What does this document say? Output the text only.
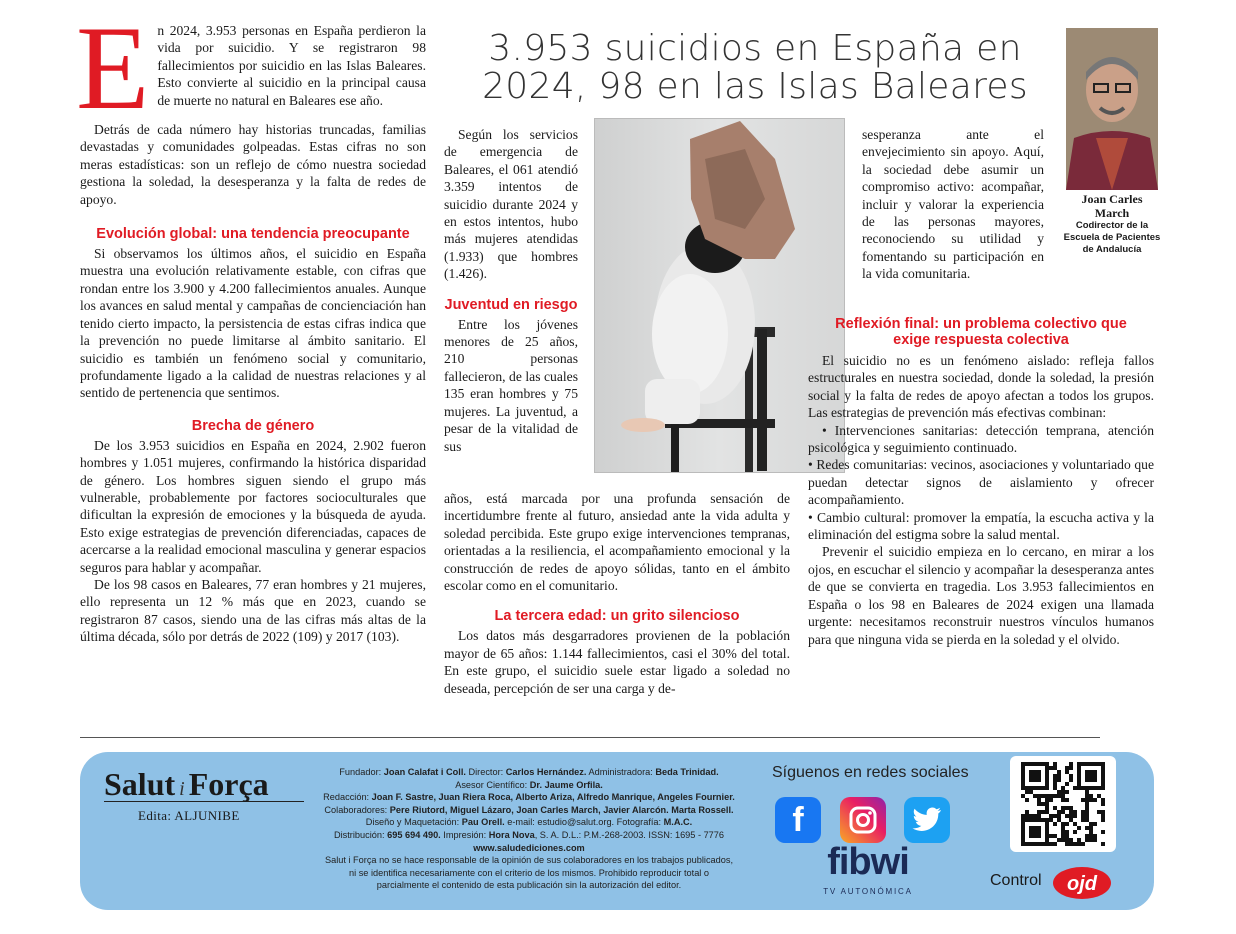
3.953 suicidios en España en 2024, 98 en las Islas Baleares
E n 2024, 3.953 personas en España perdieron la vida por suicidio. Y se registraron 98 fallecimientos por suicidio en las Islas Baleares. Esto convierte al suicidio en la principal causa de muerte no natural en Baleares ese año.

Detrás de cada número hay historias truncadas, familias devastadas y comunidades golpeadas. Estas cifras no son meras estadísticas: son un reflejo de cómo nuestra sociedad gestiona la soledad, la desesperanza y la falta de redes de apoyo.

Evolución global: una tendencia preocupante

Si observamos los últimos años, el suicidio en España muestra una evolución relativamente estable, con cifras que rondan entre los 3.900 y 4.200 fallecimientos anuales. Aunque los avances en salud mental y campañas de concienciación han tenido cierto impacto, la persistencia de estas cifras indica que la prevención no puede limitarse al ámbito sanitario. El suicidio es también un fenómeno social y comunitario, profundamente ligado a la calidad de nuestras relaciones y al sentido de pertenencia que sentimos.

Brecha de género

De los 3.953 suicidios en España en 2024, 2.902 fueron hombres y 1.051 mujeres, confirmando la histórica disparidad de género. Los hombres siguen siendo el grupo más vulnerable, probablemente por factores socioculturales que dificultan la expresión de emociones y la búsqueda de ayuda. Esto exige estrategias de prevención diferenciadas, capaces de acercarse a la realidad emocional masculina y generar espacios seguros para hablar y acompañar.

De los 98 casos en Baleares, 77 eran hombres y 21 mujeres, ello representa un 12 % más que en 2023, cuando se registraron 87 casos, siendo una de las cifras más altas de la última década, sólo por detrás de 2022 (109) y 2017 (103).

Según los servicios de emergencia de Baleares, el 061 atendió 3.359 intentos de suicidio durante 2024 y en estos intentos, hubo más mujeres atendidas (1.933) que hombres (1.426).

Juventud en riesgo

Entre los jóvenes menores de 25 años, 210 personas fallecieron, de las cuales 135 eran hombres y 75 mujeres. La juventud, a pesar de la vitalidad de sus

años, está marcada por una profunda sensación de incertidumbre frente al futuro, ansiedad ante la vida adulta y soledad percibida. Este grupo exige intervenciones tempranas, orientadas a la resiliencia, el acompañamiento emocional y la construcción de redes de apoyo sólidas, tanto en el ámbito escolar como en el comunitario.

La tercera edad: un grito silencioso

Los datos más desgarradores provienen de la población mayor de 65 años: 1.144 fallecimientos, casi el 30% del total. En este grupo, el suicidio suele estar ligado a soledad no deseada, percepción de ser una carga y de-

sesperanza ante el envejecimiento sin apoyo. Aquí, la sociedad debe asumir un compromiso activo: acompañar, incluir y valorar la experiencia de las personas mayores, reconociendo su utilidad y fomentando su participación en la vida comunitaria.

Joan Carles
March
Codirector de la
Escuela de Pacientes
de Andalucía
Reflexión final: un problema colectivo que exige respuesta colectiva

El suicidio no es un fenómeno aislado: refleja fallos estructurales en nuestra sociedad, donde la soledad, la presión social y la falta de redes de apoyo afectan a todos los grupos. Las estrategias de prevención más efectivas combinan:

• Intervenciones sanitarias: detección temprana, atención psicológica y seguimiento continuado.

• Redes comunitarias: vecinos, asociaciones y voluntariado que puedan detectar signos de aislamiento y ofrecer acompañamiento.

• Cambio cultural: promover la empatía, la escucha activa y la eliminación del estigma sobre la salud mental.

Prevenir el suicidio empieza en lo cercano, en mirar a los ojos, en escuchar el silencio y acompañar la desesperanza antes de que se convierta en tragedia. Los 3.953 fallecimientos en España o los 98 en Baleares de 2024 exigen una llamada urgente: necesitamos reconstruir nuestros vínculos humanos para que ninguna vida se pierda en la soledad y el olvido.

Salut i Força
Edita: ALJUNIBE
Fundador: Joan Calafat i Coll. Director: Carlos Hernández. Administradora: Beda Trinidad.
Asesor Científico: Dr. Jaume Orfila.
Redacción: Joan F. Sastre, Juan Riera Roca, Alberto Ariza, Alfredo Manrique, Angeles Fournier.
Colaboradores: Pere Riutord, Miguel Lázaro, Joan Carles March, Javier Alarcón. Marta Rossell.
Diseño y Maquetación: Pau Orell. e-mail: estudio@salut.org. Fotografía: M.A.C.
Distribución: 695 694 490. Impresión: Hora Nova, S. A. D.L.: P.M.-268-2003. ISSN: 1695 - 7776
www.saludediciones.com
Salut i Força no se hace responsable de la opinión de sus colaboradores en los trabajos publicados,
ni se identifica necesariamente con el criterio de los mismos. Prohibido reproducir total o
parcialmente el contenido de esta publicación sin la autorización del editor.
Síguenos en redes sociales
f
fibwi
TV AUTONÓMICA
Control ojd
